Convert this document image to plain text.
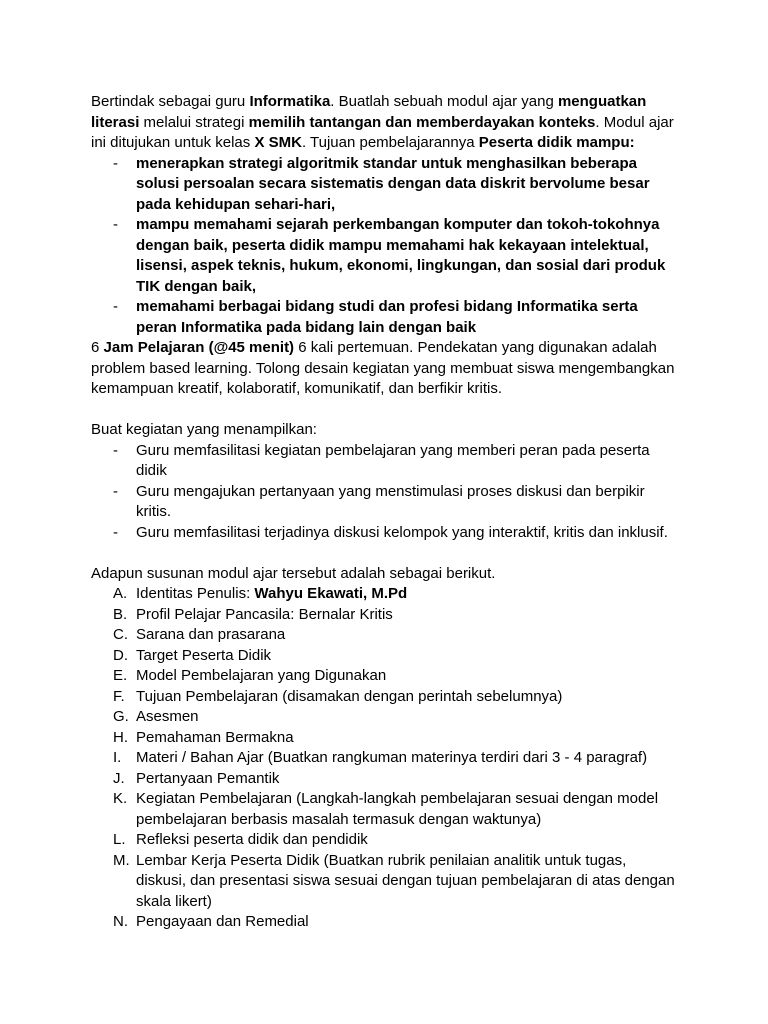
Bertindak sebagai guru Informatika. Buatlah sebuah modul ajar yang menguatkan literasi melalui strategi memilih tantangan dan memberdayakan konteks. Modul ajar ini ditujukan untuk kelas X SMK. Tujuan pembelajarannya Peserta didik mampu:

- menerapkan strategi algoritmik standar untuk menghasilkan beberapa solusi persoalan secara sistematis dengan data diskrit bervolume besar pada kehidupan sehari-hari,
- mampu memahami sejarah perkembangan komputer dan tokoh-tokohnya dengan baik, peserta didik mampu memahami hak kekayaan intelektual, lisensi, aspek teknis, hukum, ekonomi, lingkungan, dan sosial dari produk TIK dengan baik,
- memahami berbagai bidang studi dan profesi bidang Informatika serta peran Informatika pada bidang lain dengan baik

6 Jam Pelajaran (@45 menit) 6 kali pertemuan. Pendekatan yang digunakan adalah problem based learning. Tolong desain kegiatan yang membuat siswa mengembangkan kemampuan kreatif, kolaboratif, komunikatif, dan berfikir kritis.

Buat kegiatan yang menampilkan:

- Guru memfasilitasi kegiatan pembelajaran yang memberi peran pada peserta didik
- Guru mengajukan pertanyaan yang menstimulasi proses diskusi dan berpikir kritis.
- Guru memfasilitasi terjadinya diskusi kelompok yang interaktif, kritis dan inklusif.

Adapun susunan modul ajar tersebut adalah sebagai berikut.

A. Identitas Penulis: Wahyu Ekawati, M.Pd
B. Profil Pelajar Pancasila: Bernalar Kritis
C. Sarana dan prasarana
D. Target Peserta Didik
E. Model Pembelajaran yang Digunakan
F. Tujuan Pembelajaran (disamakan dengan perintah sebelumnya)
G. Asesmen
H. Pemahaman Bermakna
I. Materi / Bahan Ajar (Buatkan rangkuman materinya terdiri dari 3 - 4 paragraf)
J. Pertanyaan Pemantik
K. Kegiatan Pembelajaran (Langkah-langkah pembelajaran sesuai dengan model pembelajaran berbasis masalah termasuk dengan waktunya)
L. Refleksi peserta didik dan pendidik
M. Lembar Kerja Peserta Didik (Buatkan rubrik penilaian analitik untuk tugas, diskusi, dan presentasi siswa sesuai dengan tujuan pembelajaran di atas dengan skala likert)
N. Pengayaan dan Remedial
